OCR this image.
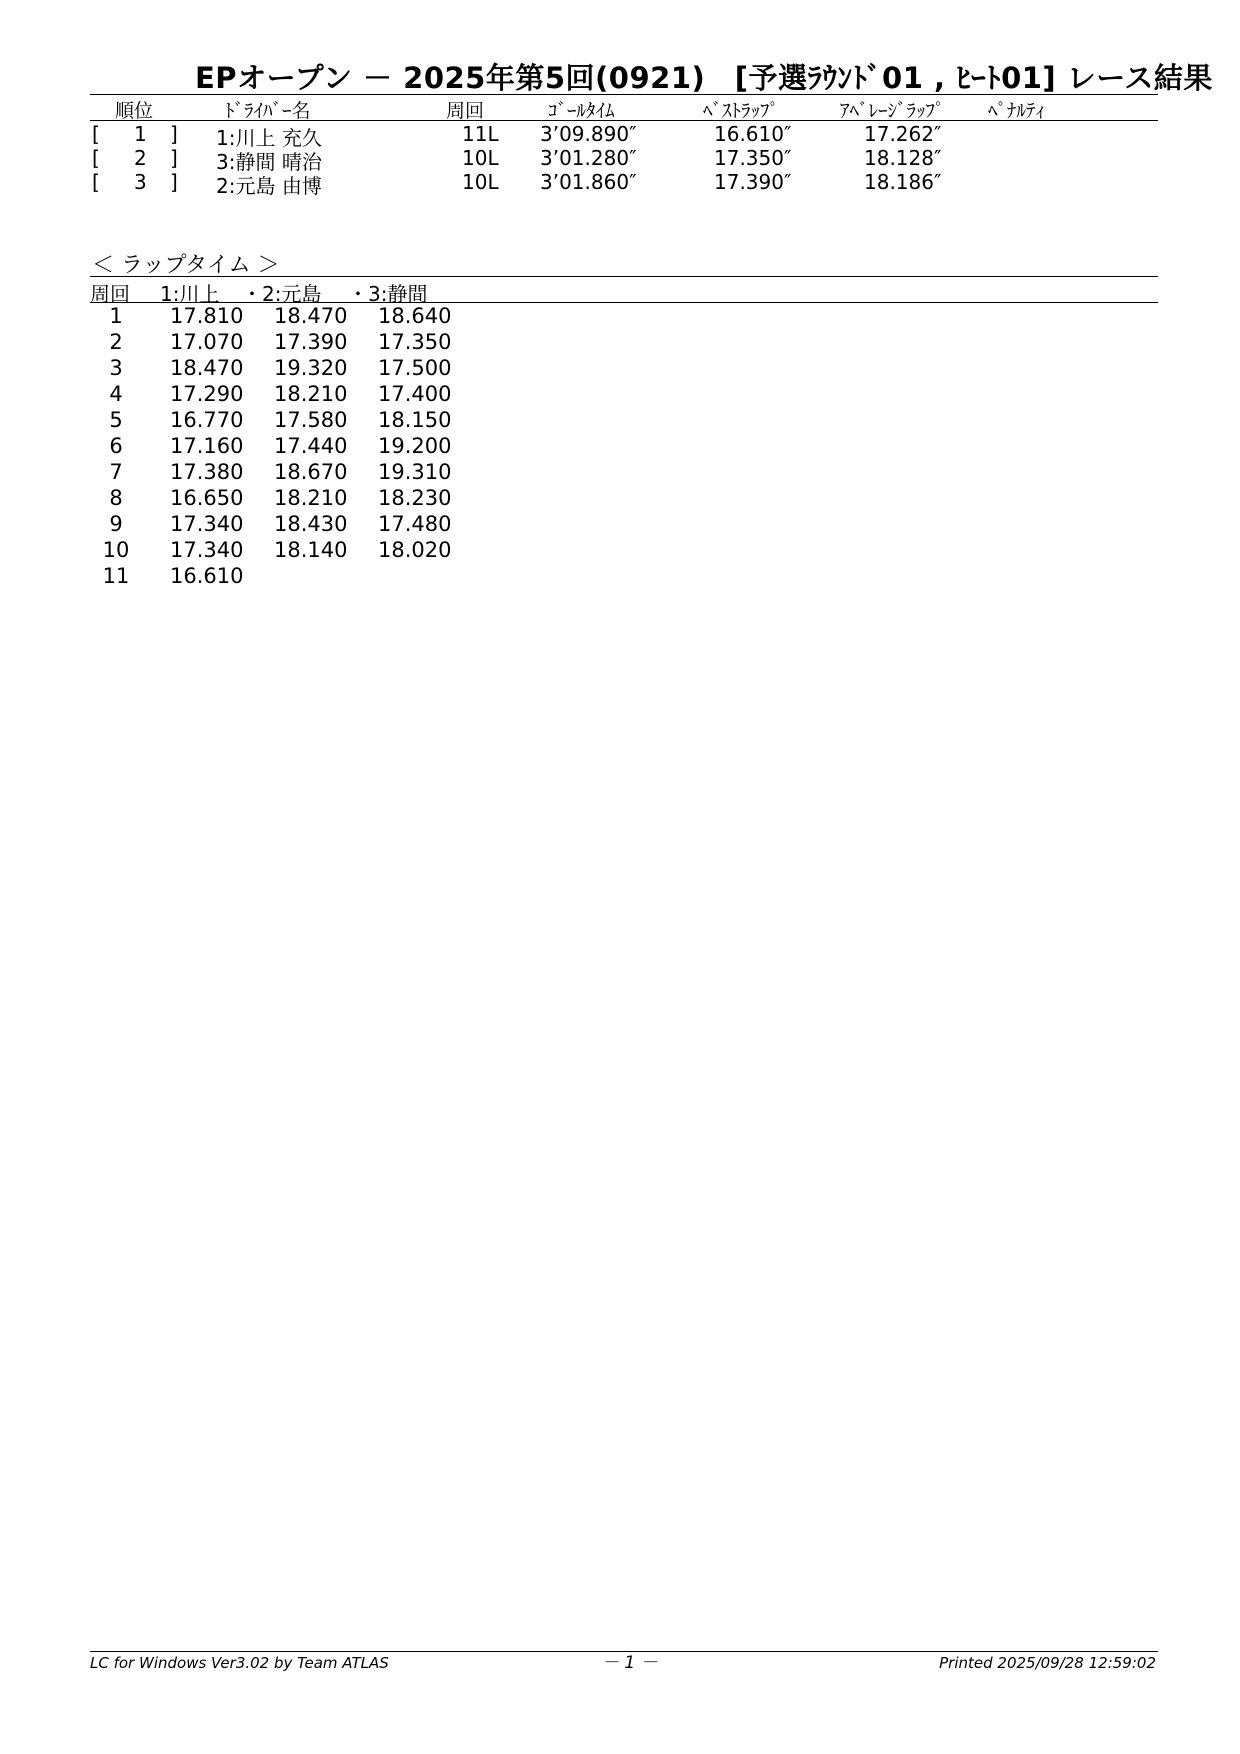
EPオープン － 2025年第5回(0921)　[予選ﾗｳﾝﾄﾞ01 , ﾋｰﾄ01] レース結果
順位	ﾄﾞﾗｲﾊﾞｰ名	周回	ｺﾞｰﾙﾀｲﾑ	ﾍﾞｽﾄﾗｯﾌﾟ	ｱﾍﾞﾚｰｼﾞﾗｯﾌﾟ ﾍﾟﾅﾙﾃｨ
[ 1 ] 1:川上 充久	11L 3’09.890″	16.610″	17.262″
[ 2 ] 3:静間 晴治	10L 3’01.280″	17.350″	18.128″
[ 3 ] 2:元島 由博	10L 3’01.860″	17.390″	18.186″
＜ ラップタイム ＞
周回 1:川上 ・2:元島 ・3:静間
1	17.810 18.470 18.640
2	17.070 17.390 17.350
3	18.470 19.320 17.500
4	17.290 18.210 17.400
5	16.770 17.580 18.150
6	17.160 17.440 19.200
7	17.380 18.670 19.310
8	16.650 18.210 18.230
9	17.340 18.430 17.480
10	17.340 18.140 18.020
11	16.610
LC for Windows Ver3.02 by Team ATLAS	－ 1 －	Printed 2025/09/28 12:59:02
